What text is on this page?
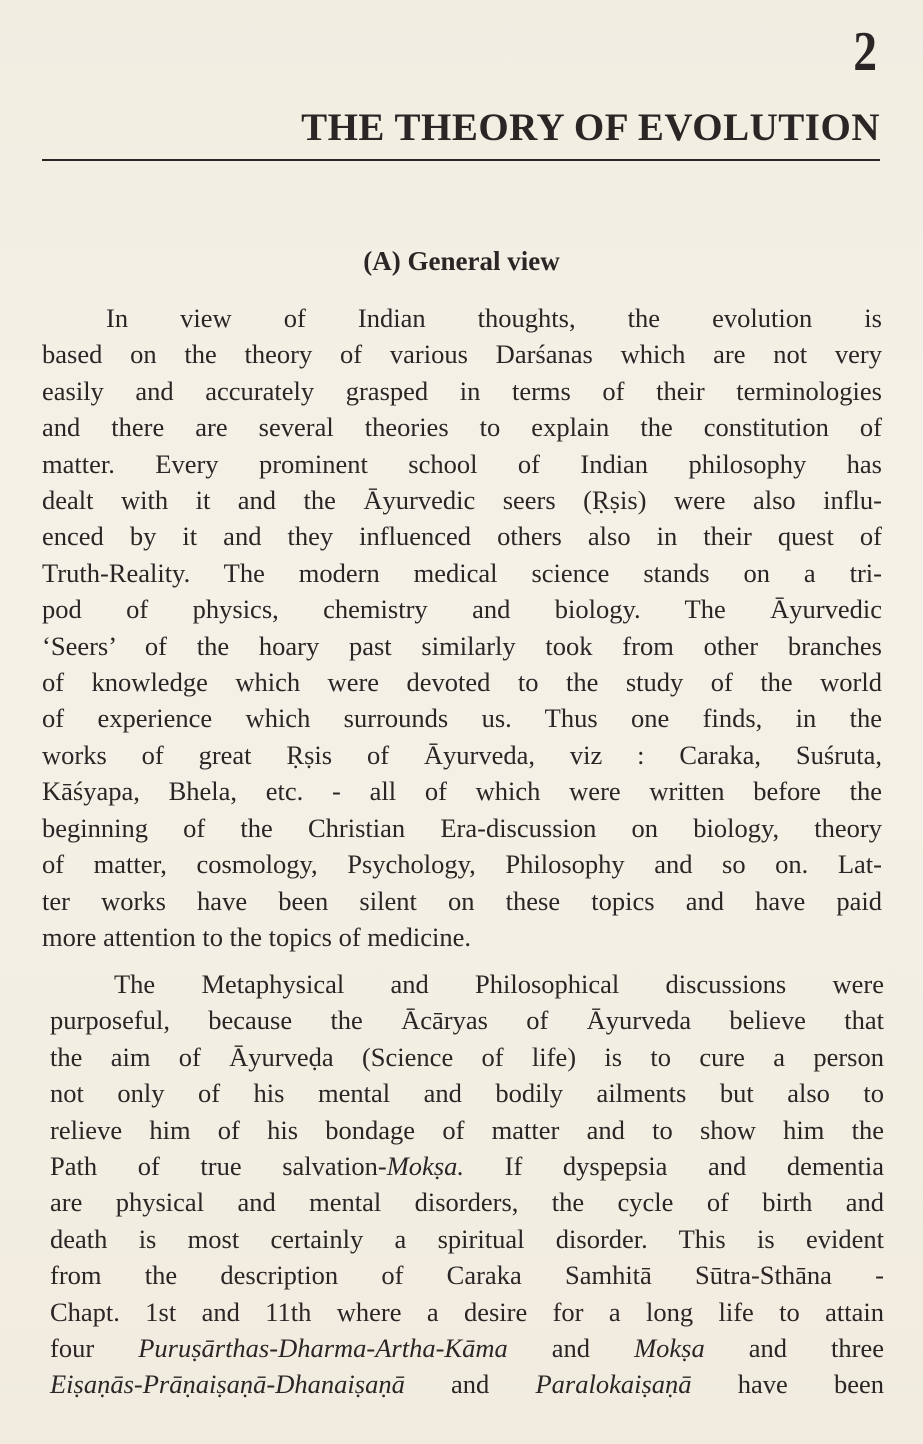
2
THE THEORY OF EVOLUTION
(A) General view
In view of Indian thoughts, the evolution is
based on the theory of various Darśanas which are not very
easily and accurately grasped in terms of their terminologies
and there are several theories to explain the constitution of
matter. Every prominent school of Indian philosophy has
dealt with it and the Āyurvedic seers (Ṛṣis) were also influ-
enced by it and they influenced others also in their quest of
Truth-Reality. The modern medical science stands on a tri-
pod of physics, chemistry and biology. The Āyurvedic
‘Seers’ of the hoary past similarly took from other branches
of knowledge which were devoted to the study of the world
of experience which surrounds us. Thus one finds, in the
works of great Ṛṣis of Āyurveda, viz : Caraka, Suśruta,
Kāśyapa, Bhela, etc. - all of which were written before the
beginning of the Christian Era-discussion on biology, theory
of matter, cosmology, Psychology, Philosophy and so on. Lat-
ter works have been silent on these topics and have paid
more attention to the topics of medicine.
The Metaphysical and Philosophical discussions were
purposeful, because the Ācāryas of Āyurveda believe that
the aim of Āyurveḍa (Science of life) is to cure a person
not only of his mental and bodily ailments but also to
relieve him of his bondage of matter and to show him the
Path of true salvation-Mokṣa. If dyspepsia and dementia
are physical and mental disorders, the cycle of birth and
death is most certainly a spiritual disorder. This is evident
from the description of Caraka Samhitā Sūtra-Sthāna -
Chapt. 1st and 11th where a desire for a long life to attain
four Puruṣārthas-Dharma-Artha-Kāma and Mokṣa and three
Eiṣaṇās-Prāṇaiṣaṇā-Dhanaiṣaṇā and Paralokaiṣaṇā have been
